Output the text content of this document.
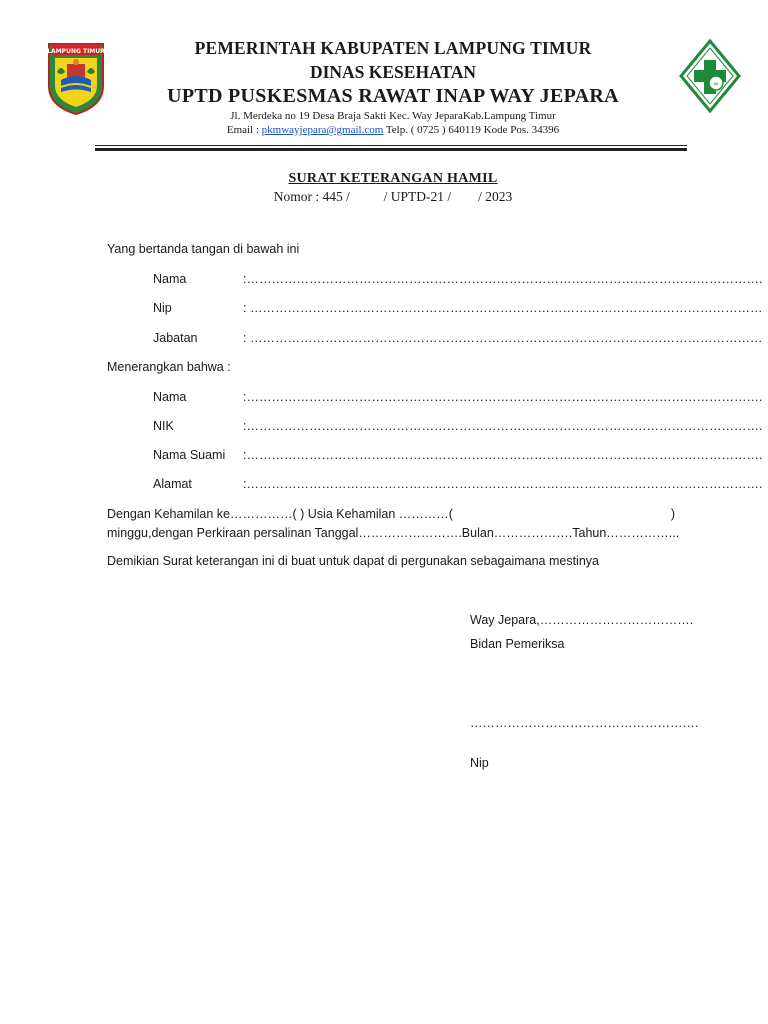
LAMPUNG TIMUR
∞
PEMERINTAH KABUPATEN LAMPUNG TIMUR
DINAS KESEHATAN
UPTD PUSKESMAS RAWAT INAP WAY JEPARA
Jl. Merdeka no 19 Desa Braja Sakti Kec. Way JeparaKab.Lampung Timur
Email : pkmwayjepara@gmail.com Telp. ( 0725 ) 640119 Kode Pos. 34396
SURAT KETERANGAN HAMIL
Nomor : 445 /          / UPTD-21 /        / 2023
Yang bertanda tangan di bawah ini
Nama	:…………………………………………………………………………………………………………….
Nip	: ……………………………………………………………………………………………………………
Jabatan	: ……………………………………………………………………………………………………………
Menerangkan bahwa :
Nama	:…………………………………………………………………………………………………………….
NIK	:…………………………………………………………………………………………………………….
Nama Suami :…………………………………………………………………………………………………………….
Alamat	:…………………………………………………………………………………………………………….
Dengan Kehamilan ke……………( ) Usia Kehamilan …………(	)
minggu,dengan Perkiraan persalinan Tanggal…………………….Bulan……………….Tahun……………...
Demikian Surat keterangan ini di buat untuk dapat di pergunakan sebagaimana mestinya
Way Jepara,……………………………….
Bidan Pemeriksa
……………………………………………….
Nip
